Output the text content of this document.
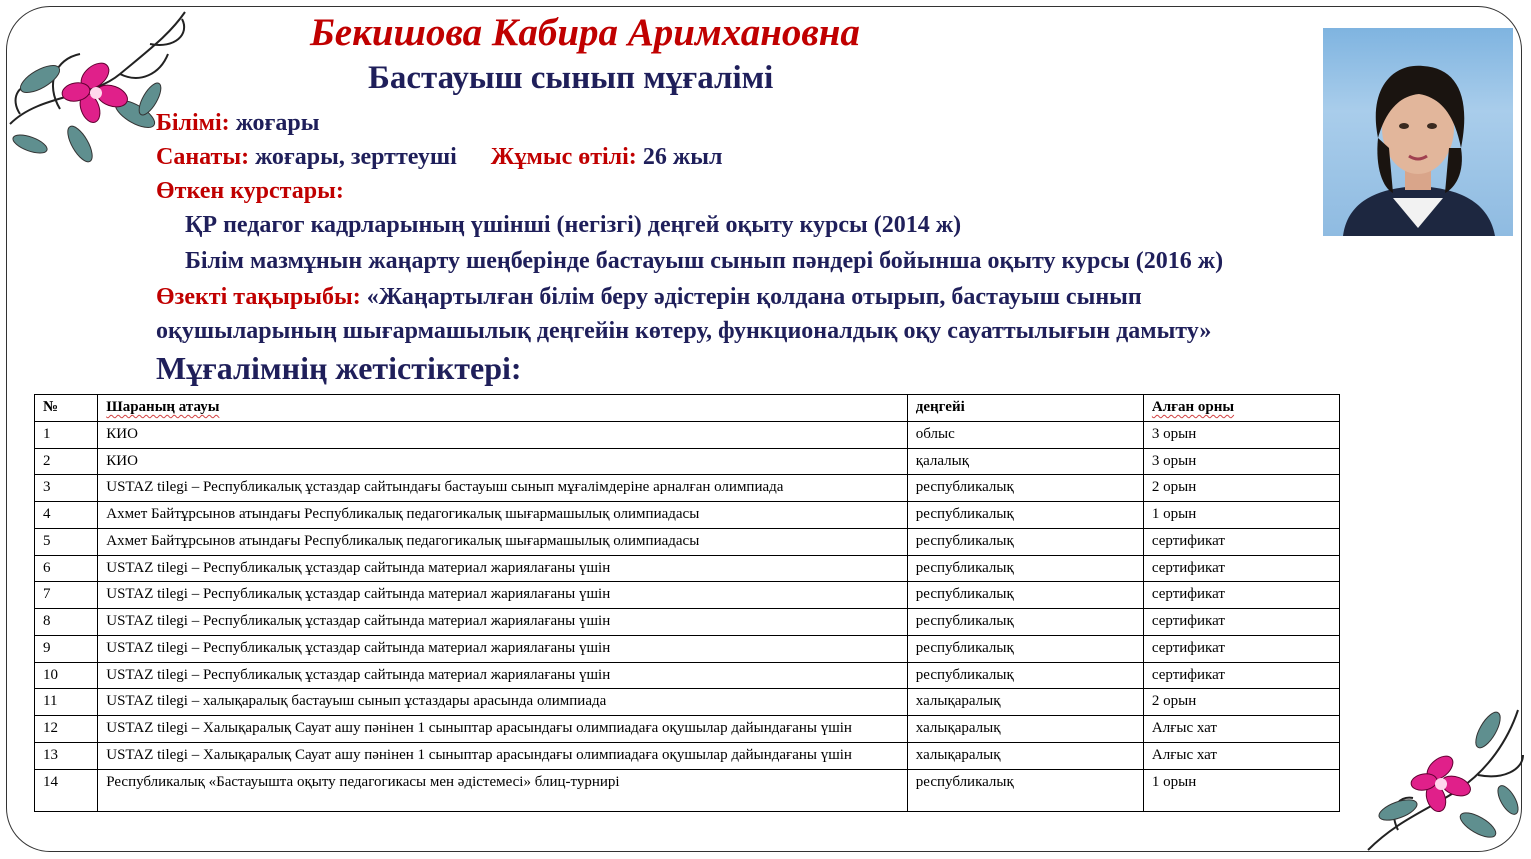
Бекишова Кабира Аримхановна
Бастауыш сынып мұғалімі
Білімі: жоғары
Санаты: жоғары, зерттеуші Жұмыс өтілі: 26 жыл
Өткен курстары:
ҚР педагог кадрларының үшінші (негізгі) деңгей оқыту курсы (2014 ж)
Білім мазмұнын жаңарту шеңберінде бастауыш сынып пәндері бойынша оқыту курсы (2016 ж)
Өзекті тақырыбы: «Жаңартылған білім беру әдістерін қолдана отырып, бастауыш сынып
оқушыларының шығармашылық деңгейін көтеру, функционалдық оқу сауаттылығын дамыту»
Мұғалімнің жетістіктері:
№	Шараның атауы	деңгейі	Алған орны
1	КИО	облыс	3 орын
2	КИО	қалалық	3 орын
3	USTAZ tilegi – Республикалық ұстаздар сайтындағы бастауыш сынып мұғалімдеріне арналған олимпиада	республикалық	2 орын
4	Ахмет Байтұрсынов атындағы Республикалық педагогикалық шығармашылық олимпиадасы	республикалық	1 орын
5	Ахмет Байтұрсынов атындағы Республикалық педагогикалық шығармашылық олимпиадасы	республикалық	сертификат
6	USTAZ tilegi – Республикалық ұстаздар сайтында материал жариялағаны үшін	республикалық	сертификат
7	USTAZ tilegi – Республикалық ұстаздар сайтында материал жариялағаны үшін	республикалық	сертификат
8	USTAZ tilegi – Республикалық ұстаздар сайтында материал жариялағаны үшін	республикалық	сертификат
9	USTAZ tilegi – Республикалық ұстаздар сайтында материал жариялағаны үшін	республикалық	сертификат
10	USTAZ tilegi – Республикалық ұстаздар сайтында материал жариялағаны үшін	республикалық	сертификат
11	USTAZ tilegi – халықаралық бастауыш сынып ұстаздары арасында олимпиада	халықаралық	2 орын
12	USTAZ tilegi – Халықаралық Сауат ашу пәнінен 1 сыныптар арасындағы олимпиадаға оқушылар дайындағаны үшін	халықаралық	Алғыс хат
13	USTAZ tilegi – Халықаралық Сауат ашу пәнінен 1 сыныптар арасындағы олимпиадаға оқушылар дайындағаны үшін	халықаралық	Алғыс хат
14	Республикалық «Бастауышта оқыту педагогикасы мен әдістемесі» блиц-турнирі	республикалық	1 орын
